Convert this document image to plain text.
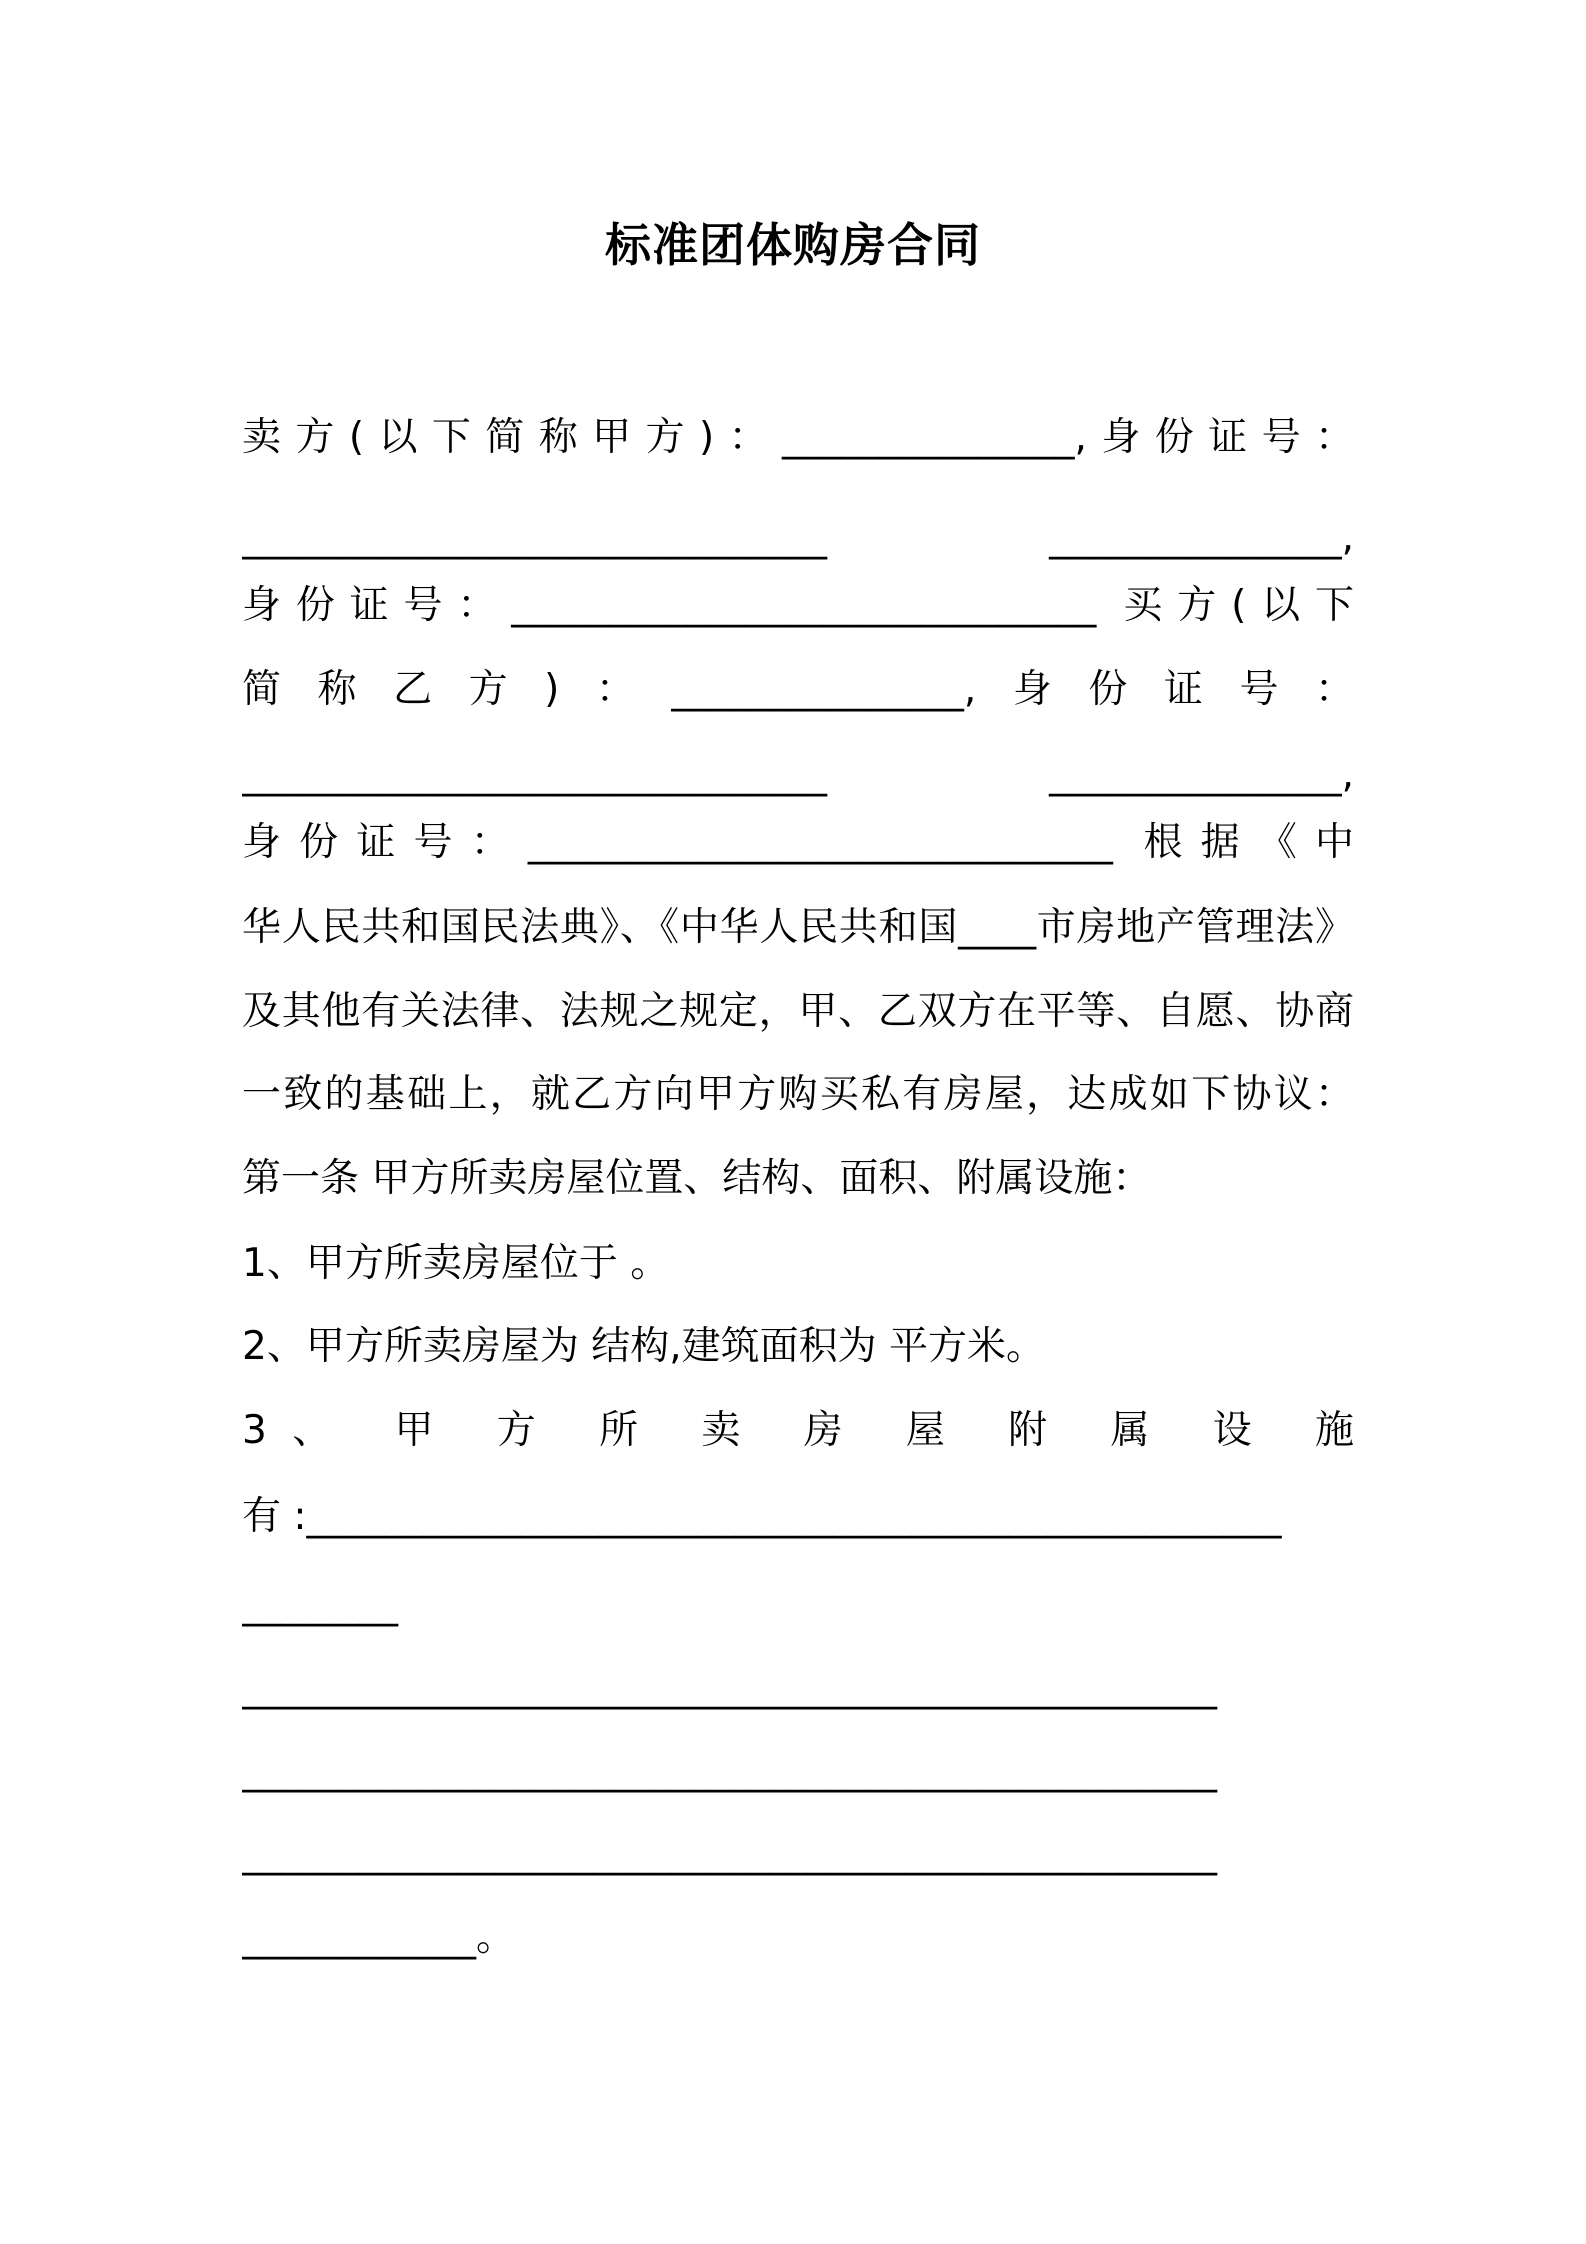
标准团体购房合同
卖方(以下简称甲方)：_______________,身份证号：
______________________________ _______________,
身份证号：______________________________ 买方(以下
简称乙方)：_______________,身份证号：
______________________________ _______________,
身份证号：______________________________ 根据《中
华人民共和国民法典》、《中华人民共和国____市房地产管理法》
及其他有关法律、法规之规定，甲、乙双方在平等、自愿、协商
一致的基础上，就乙方向甲方购买私有房屋，达成如下协议：
第一条 甲方所卖房屋位置、结构、面积、附属设施：
1、甲方所卖房屋位于 。
2、甲方所卖房屋为 结构,建筑面积为 平方米。
3、 甲 方 所 卖 房 屋 附 属 设 施
有 :__________________________________________________
________
__________________________________________________
__________________________________________________
__________________________________________________
____________。
